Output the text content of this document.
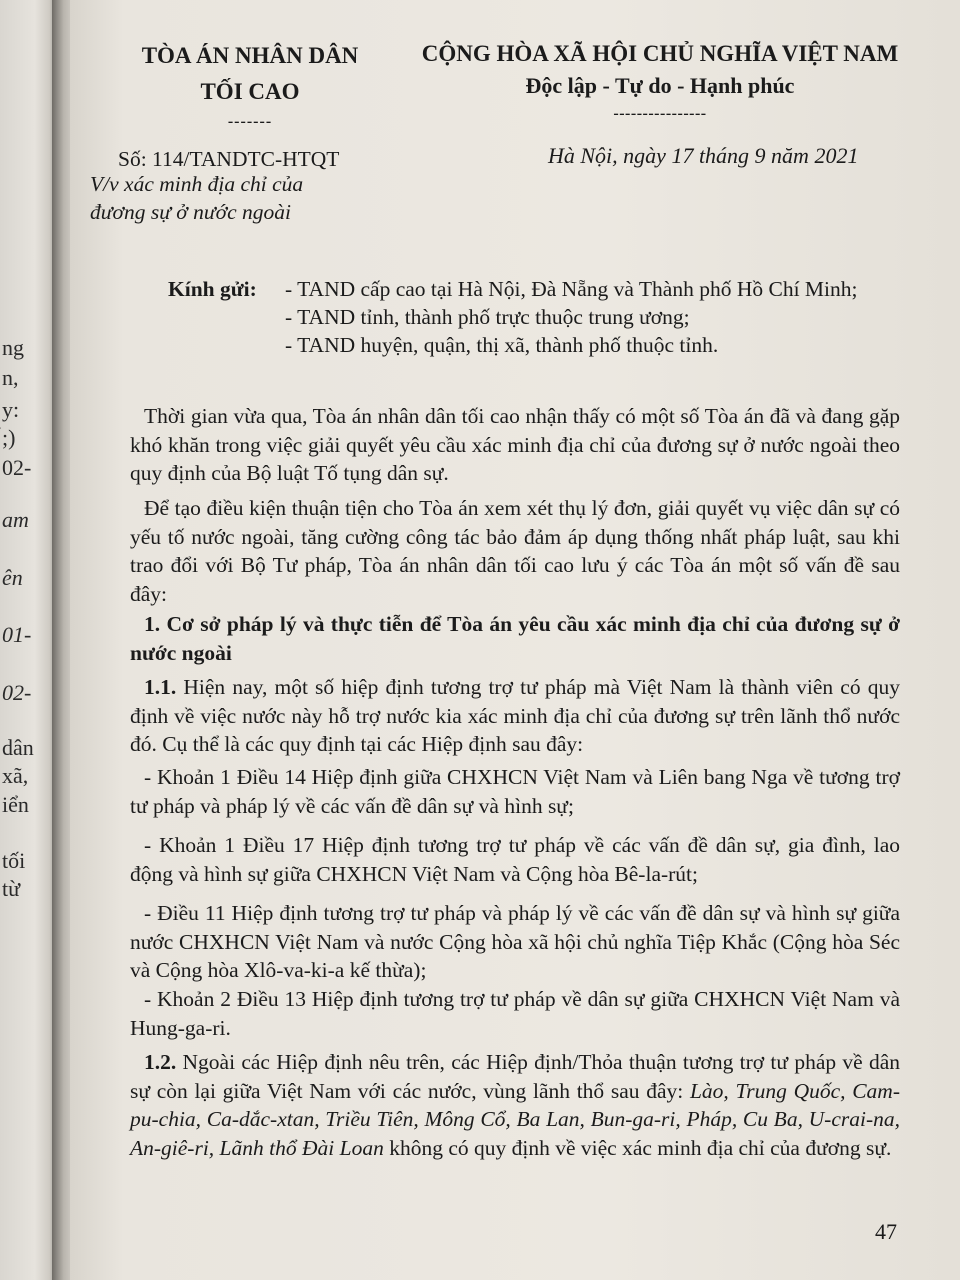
ng
n,
y:
̀;)
02-
am
ên
01-
02-
dân
xã,
iển
tối
từ
TÒA ÁN NHÂN DÂN
TỐI CAO
-------
CỘNG HÒA XÃ HỘI CHỦ NGHĨA VIỆT NAM
Độc lập - Tự do - Hạnh phúc
----------------
Số: 114/TANDTC-HTQT	Hà Nội, ngày 17 tháng 9 năm 2021
V/v xác minh địa chỉ của
đương sự ở nước ngoài
Kính gửi: - TAND cấp cao tại Hà Nội, Đà Nẵng và Thành phố Hồ Chí Minh;
- TAND tỉnh, thành phố trực thuộc trung ương;
- TAND huyện, quận, thị xã, thành phố thuộc tỉnh.
Thời gian vừa qua, Tòa án nhân dân tối cao nhận thấy có một số Tòa án đã và đang gặp khó khăn trong việc giải quyết yêu cầu xác minh địa chỉ của đương sự ở nước ngoài theo quy định của Bộ luật Tố tụng dân sự.
Để tạo điều kiện thuận tiện cho Tòa án xem xét thụ lý đơn, giải quyết vụ việc dân sự có yếu tố nước ngoài, tăng cường công tác bảo đảm áp dụng thống nhất pháp luật, sau khi trao đổi với Bộ Tư pháp, Tòa án nhân dân tối cao lưu ý các Tòa án một số vấn đề sau đây:
1. Cơ sở pháp lý và thực tiễn để Tòa án yêu cầu xác minh địa chỉ của đương sự ở nước ngoài
1.1. Hiện nay, một số hiệp định tương trợ tư pháp mà Việt Nam là thành viên có quy định về việc nước này hỗ trợ nước kia xác minh địa chỉ của đương sự trên lãnh thổ nước đó. Cụ thể là các quy định tại các Hiệp định sau đây:
- Khoản 1 Điều 14 Hiệp định giữa CHXHCN Việt Nam và Liên bang Nga về tương trợ tư pháp và pháp lý về các vấn đề dân sự và hình sự;
- Khoản 1 Điều 17 Hiệp định tương trợ tư pháp về các vấn đề dân sự, gia đình, lao động và hình sự giữa CHXHCN Việt Nam và Cộng hòa Bê-la-rút;
- Điều 11 Hiệp định tương trợ tư pháp và pháp lý về các vấn đề dân sự và hình sự giữa nước CHXHCN Việt Nam và nước Cộng hòa xã hội chủ nghĩa Tiệp Khắc (Cộng hòa Séc và Cộng hòa Xlô-va-ki-a kế thừa);
- Khoản 2 Điều 13 Hiệp định tương trợ tư pháp về dân sự giữa CHXHCN Việt Nam và Hung-ga-ri.
1.2. Ngoài các Hiệp định nêu trên, các Hiệp định/Thỏa thuận tương trợ tư pháp về dân sự còn lại giữa Việt Nam với các nước, vùng lãnh thổ sau đây: Lào, Trung Quốc, Cam-pu-chia, Ca-dắc-xtan, Triều Tiên, Mông Cổ, Ba Lan, Bun-ga-ri, Pháp, Cu Ba, U-crai-na, An-giê-ri, Lãnh thổ Đài Loan không có quy định về việc xác minh địa chỉ của đương sự.
47
